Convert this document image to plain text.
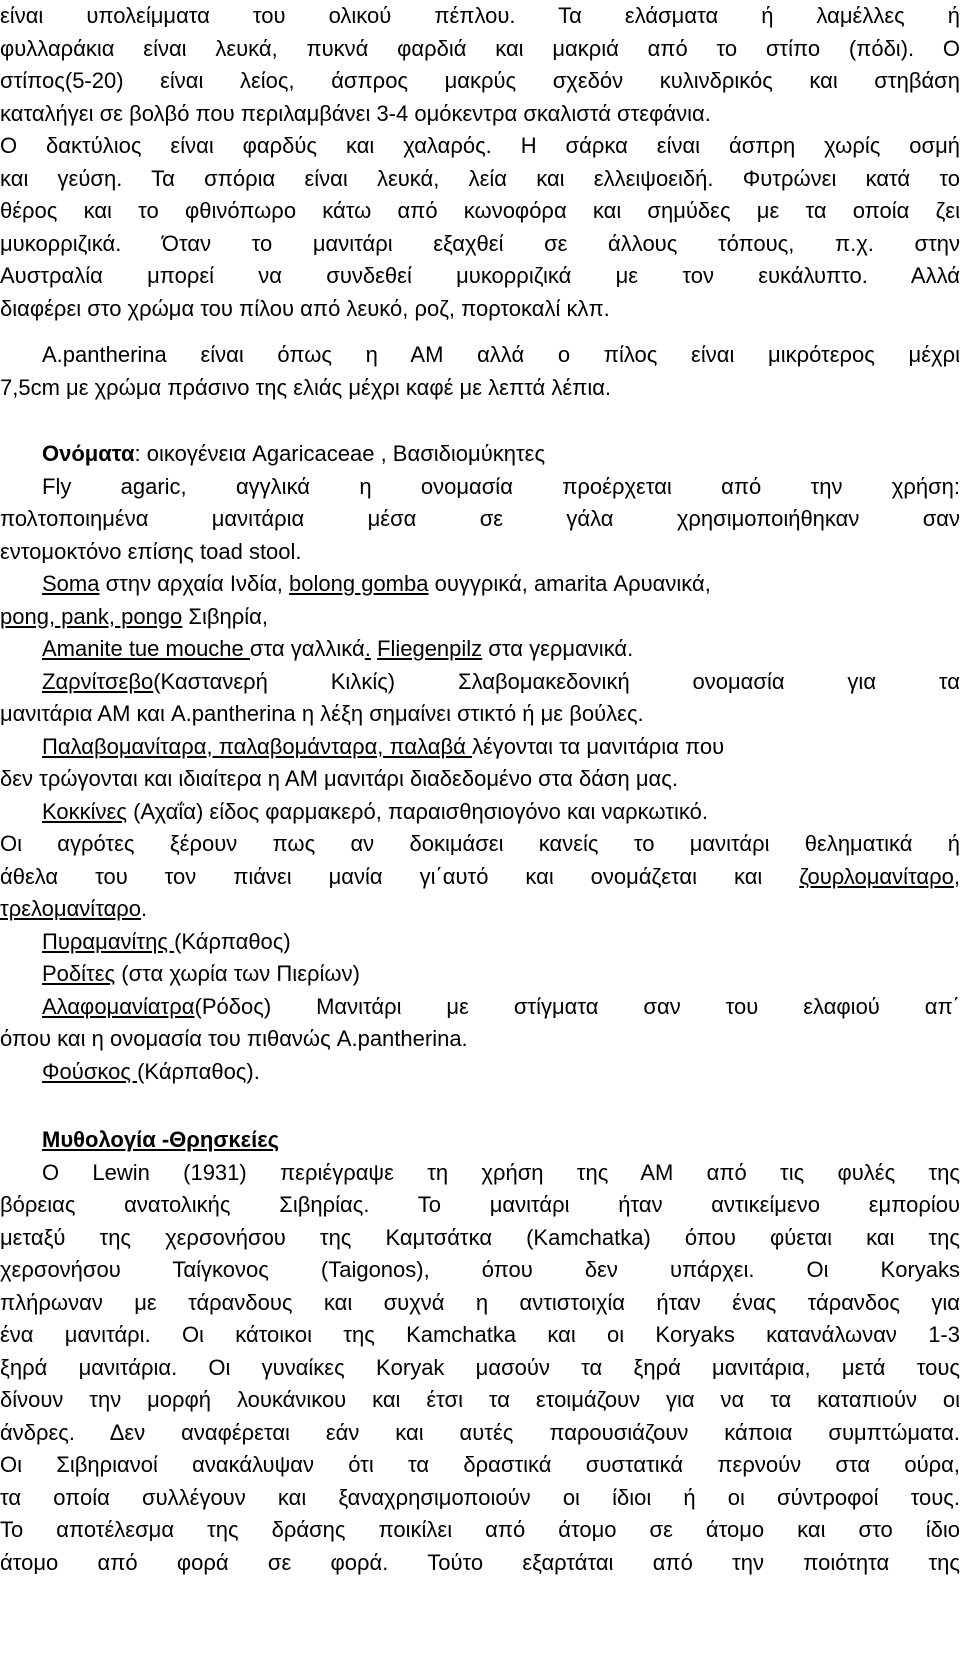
είναι υπολείμματα του ολικού πέπλου. Τα ελάσματα ή λαμέλλες ή
φυλλαράκια είναι λευκά, πυκνά φαρδιά και μακριά από το στίπο (πόδι). Ο
στίπος(5-20) είναι λείος, άσπρος μακρύς σχεδόν κυλινδρικός και στηβάση
καταλήγει σε βολβό που περιλαμβάνει 3-4 ομόκεντρα σκαλιστά στεφάνια.
Ο δακτύλιος είναι φαρδύς και χαλαρός. Η σάρκα είναι άσπρη χωρίς οσμή
και γεύση. Τα σπόρια είναι λευκά, λεία και ελλειψοειδή. Φυτρώνει κατά το
θέρος και το φθινόπωρο κάτω από κωνοφόρα και σημύδες με τα οποία ζει
μυκορριζικά. Όταν το μανιτάρι εξαχθεί σε άλλους τόπους, π.χ. στην
Αυστραλία μπορεί να συνδεθεί μυκορριζικά με τον ευκάλυπτο. Αλλά
διαφέρει στο χρώμα του πίλου από λευκό, ροζ, πορτοκαλί κλπ.
A.pantherina είναι όπως η ΑΜ αλλά ο πίλος είναι μικρότερος μέχρι
7,5cm με χρώμα πράσινο της ελιάς μέχρι καφέ με λεπτά λέπια.
Ονόματα: οικογένεια Agaricaceae , Βασιδιομύκητες
Fly agaric, αγγλικά η ονομασία προέρχεται από την χρήση:
πολτοποιημένα μανιτάρια μέσα σε γάλα χρησιμοποιήθηκαν σαν
εντομοκτόνο επίσης toad stool.
Soma στην αρχαία Ινδία, bolong gomba ουγγρικά, amarita Αρυανικά,
pong, pank, pongo Σιβηρία,
Amanite tue mouche στα γαλλικά. Fliegenpilz στα γερμανικά.
Ζαρνίτσεβο(Καστανερή Κιλκίς) Σλαβομακεδονική ονομασία για τα
μανιτάρια ΑΜ και A.pantherina η λέξη σημαίνει στικτό ή με βούλες.
Παλαβομανίταρα, παλαβομάνταρα, παλαβά λέγονται τα μανιτάρια που
δεν τρώγονται και ιδιαίτερα η ΑΜ μανιτάρι διαδεδομένο στα δάση μας.
Κοκκίνες (Αχαΐα) είδος φαρμακερό, παραισθησιογόνο και ναρκωτικό.
Οι αγρότες ξέρουν πως αν δοκιμάσει κανείς το μανιτάρι θεληματικά ή
άθελα του τον πιάνει μανία γι΄αυτό και ονομάζεται και ζουρλομανίταρο,
τρελομανίταρο.
Πυραμανίτης (Κάρπαθος)
Ροδίτες (στα χωρία των Πιερίων)
Αλαφομανίατρα(Ρόδος) Μανιτάρι με στίγματα σαν του ελαφιού απ΄
όπου και η ονομασία του πιθανώς A.pantherina.
Φούσκος (Κάρπαθος).
Μυθολογία -Θρησκείες
Ο Lewin (1931) περιέγραψε τη χρήση της ΑΜ από τις φυλές της
βόρειας ανατολικής Σιβηρίας. Το μανιτάρι ήταν αντικείμενο εμπορίου
μεταξύ της χερσονήσου της Καμτσάτκα (Kamchatka) όπου φύεται και της
χερσονήσου Ταίγκονος (Taigonos), όπου δεν υπάρχει. Οι Koryaks
πλήρωναν με τάρανδους και συχνά η αντιστοιχία ήταν ένας τάρανδος για
ένα μανιτάρι. Οι κάτοικοι της Kamchatka και οι Koryaks κατανάλωναν 1-3
ξηρά μανιτάρια. Οι γυναίκες Koryak μασούν τα ξηρά μανιτάρια, μετά τους
δίνουν την μορφή λουκάνικου και έτσι τα ετοιμάζουν για να τα καταπιούν οι
άνδρες. Δεν αναφέρεται εάν και αυτές παρουσιάζουν κάποια συμπτώματα.
Οι Σιβηριανοί ανακάλυψαν ότι τα δραστικά συστατικά περνούν στα ούρα,
τα οποία συλλέγουν και ξαναχρησιμοποιούν οι ίδιοι ή οι σύντροφοί τους.
Το αποτέλεσμα της δράσης ποικίλει από άτομο σε άτομο και στο ίδιο
άτομο από φορά σε φορά. Τούτο εξαρτάται από την ποιότητα της
